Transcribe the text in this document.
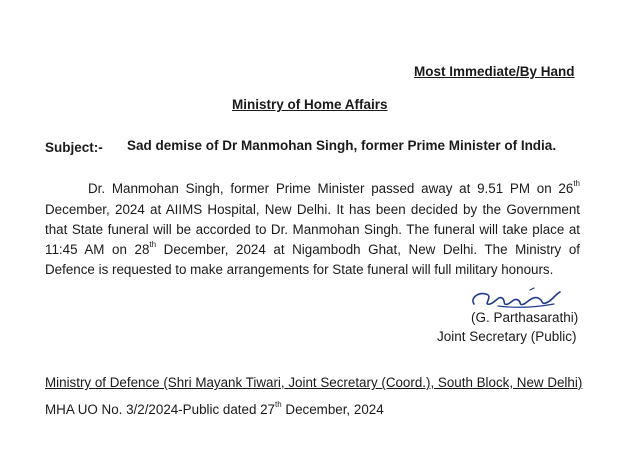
Most Immediate/By Hand
Ministry of Home Affairs
Subject:- Sad demise of Dr Manmohan Singh, former Prime Minister of India.
Dr. Manmohan Singh, former Prime Minister passed away at 9.51 PM on 26th
December, 2024 at AIIMS Hospital, New Delhi. It has been decided by the Government
that State funeral will be accorded to Dr. Manmohan Singh. The funeral will take place at
11:45 AM on 28th December, 2024 at Nigambodh Ghat, New Delhi. The Ministry of
Defence is requested to make arrangements for State funeral will full military honours.
(G. Parthasarathi)
Joint Secretary (Public)
Ministry of Defence (Shri Mayank Tiwari, Joint Secretary (Coord.), South Block, New Delhi)
MHA UO No. 3/2/2024-Public dated 27th December, 2024
